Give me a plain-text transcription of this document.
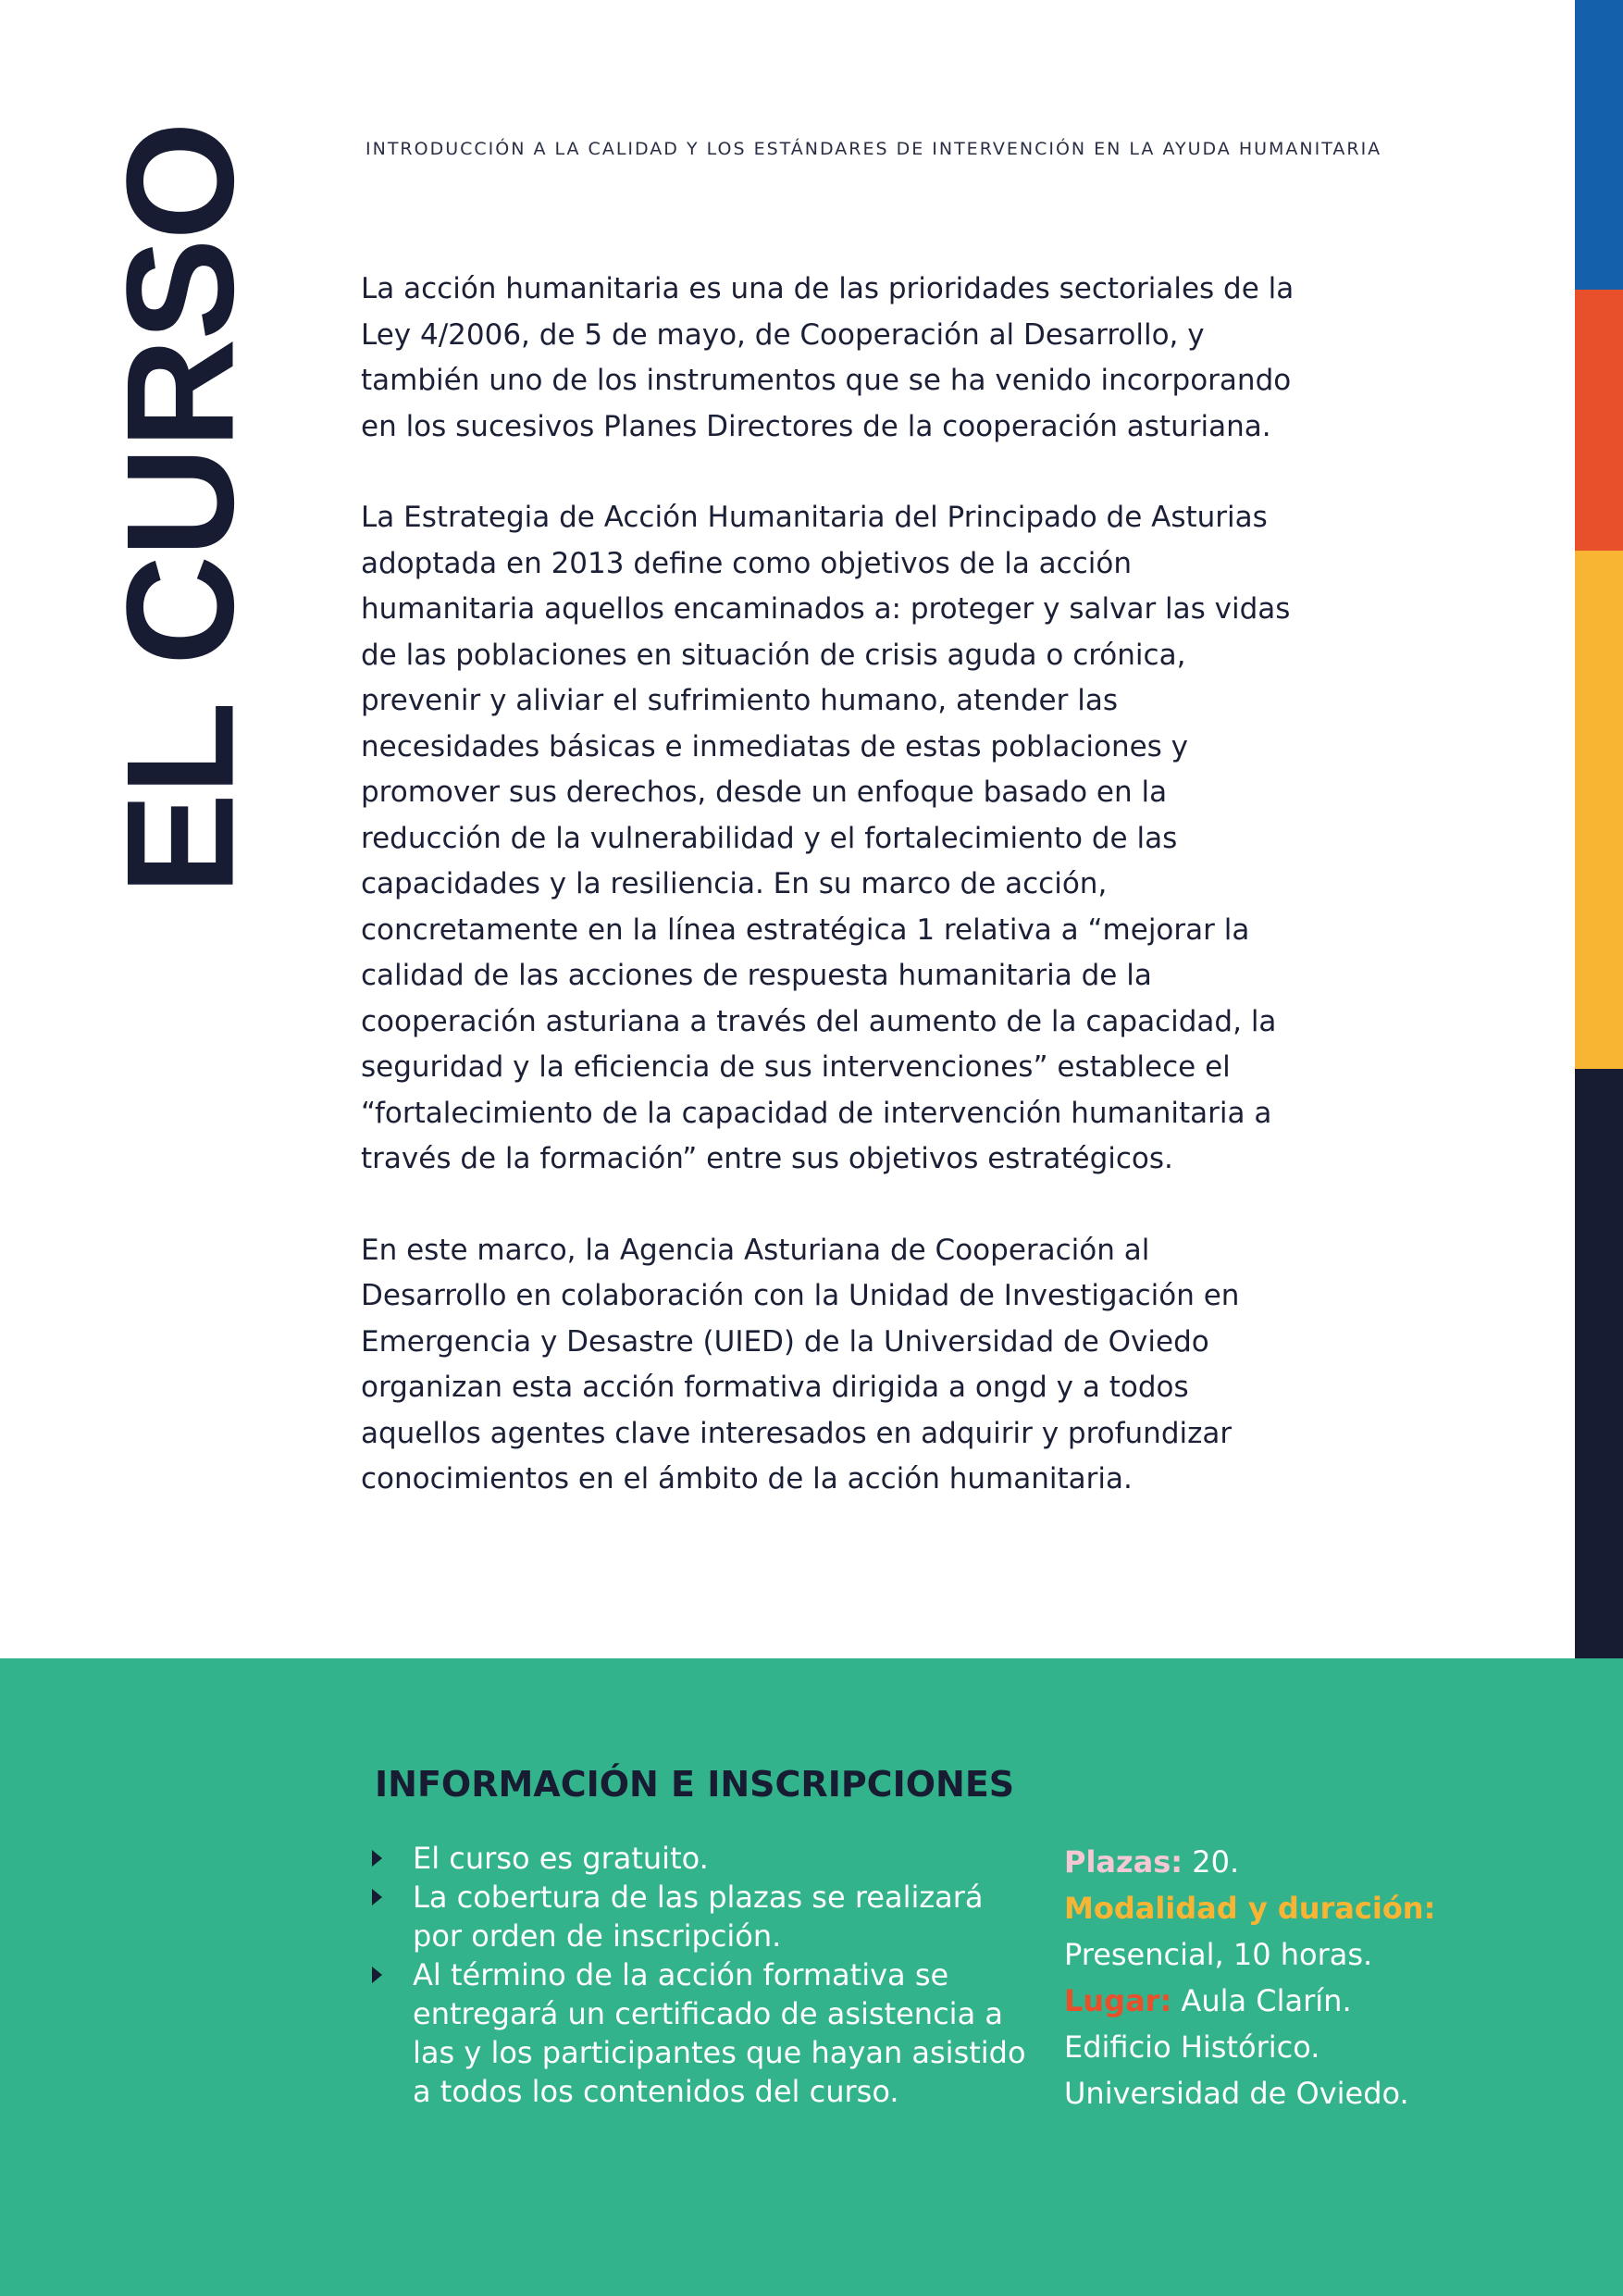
EL CURSO	INTRODUCCIÓN A LA CALIDAD Y LOS ESTÁNDARES DE INTERVENCIÓN EN LA AYUDA HUMANITARIA

La acción humanitaria es una de las prioridades sectoriales de la Ley 4/2006, de 5 de mayo, de Cooperación al Desarrollo, y también uno de los instrumentos que se ha venido incorporando en los sucesivos Planes Directores de la cooperación asturiana.

La Estrategia de Acción Humanitaria del Principado de Asturias adoptada en 2013 define como objetivos de la acción humanitaria aquellos encaminados a: proteger y salvar las vidas de las poblaciones en situación de crisis aguda o crónica, prevenir y aliviar el sufrimiento humano, atender las necesidades básicas e inmediatas de estas poblaciones y promover sus derechos, desde un enfoque basado en la reducción de la vulnerabilidad y el fortalecimiento de las capacidades y la resiliencia. En su marco de acción, concretamente en la línea estratégica 1 relativa a “mejorar la calidad de las acciones de respuesta humanitaria de la cooperación asturiana a través del aumento de la capacidad, la seguridad y la eficiencia de sus intervenciones” establece el “fortalecimiento de la capacidad de intervención humanitaria a través de la formación” entre sus objetivos estratégicos.

En este marco, la Agencia Asturiana de Cooperación al Desarrollo en colaboración con la Unidad de Investigación en Emergencia y Desastre (UIED) de la Universidad de Oviedo organizan esta acción formativa dirigida a ongd y a todos aquellos agentes clave interesados en adquirir y profundizar conocimientos en el ámbito de la acción humanitaria.

INFORMACIÓN E INSCRIPCIONES
El curso es gratuito.
La cobertura de las plazas se realizará por orden de inscripción.
Al término de la acción formativa se entregará un certificado de asistencia a las y los participantes que hayan asistido a todos los contenidos del curso.
Plazas: 20.
Modalidad y duración:
Presencial, 10 horas.
Lugar: Aula Clarín.
Edificio Histórico.
Universidad de Oviedo.
